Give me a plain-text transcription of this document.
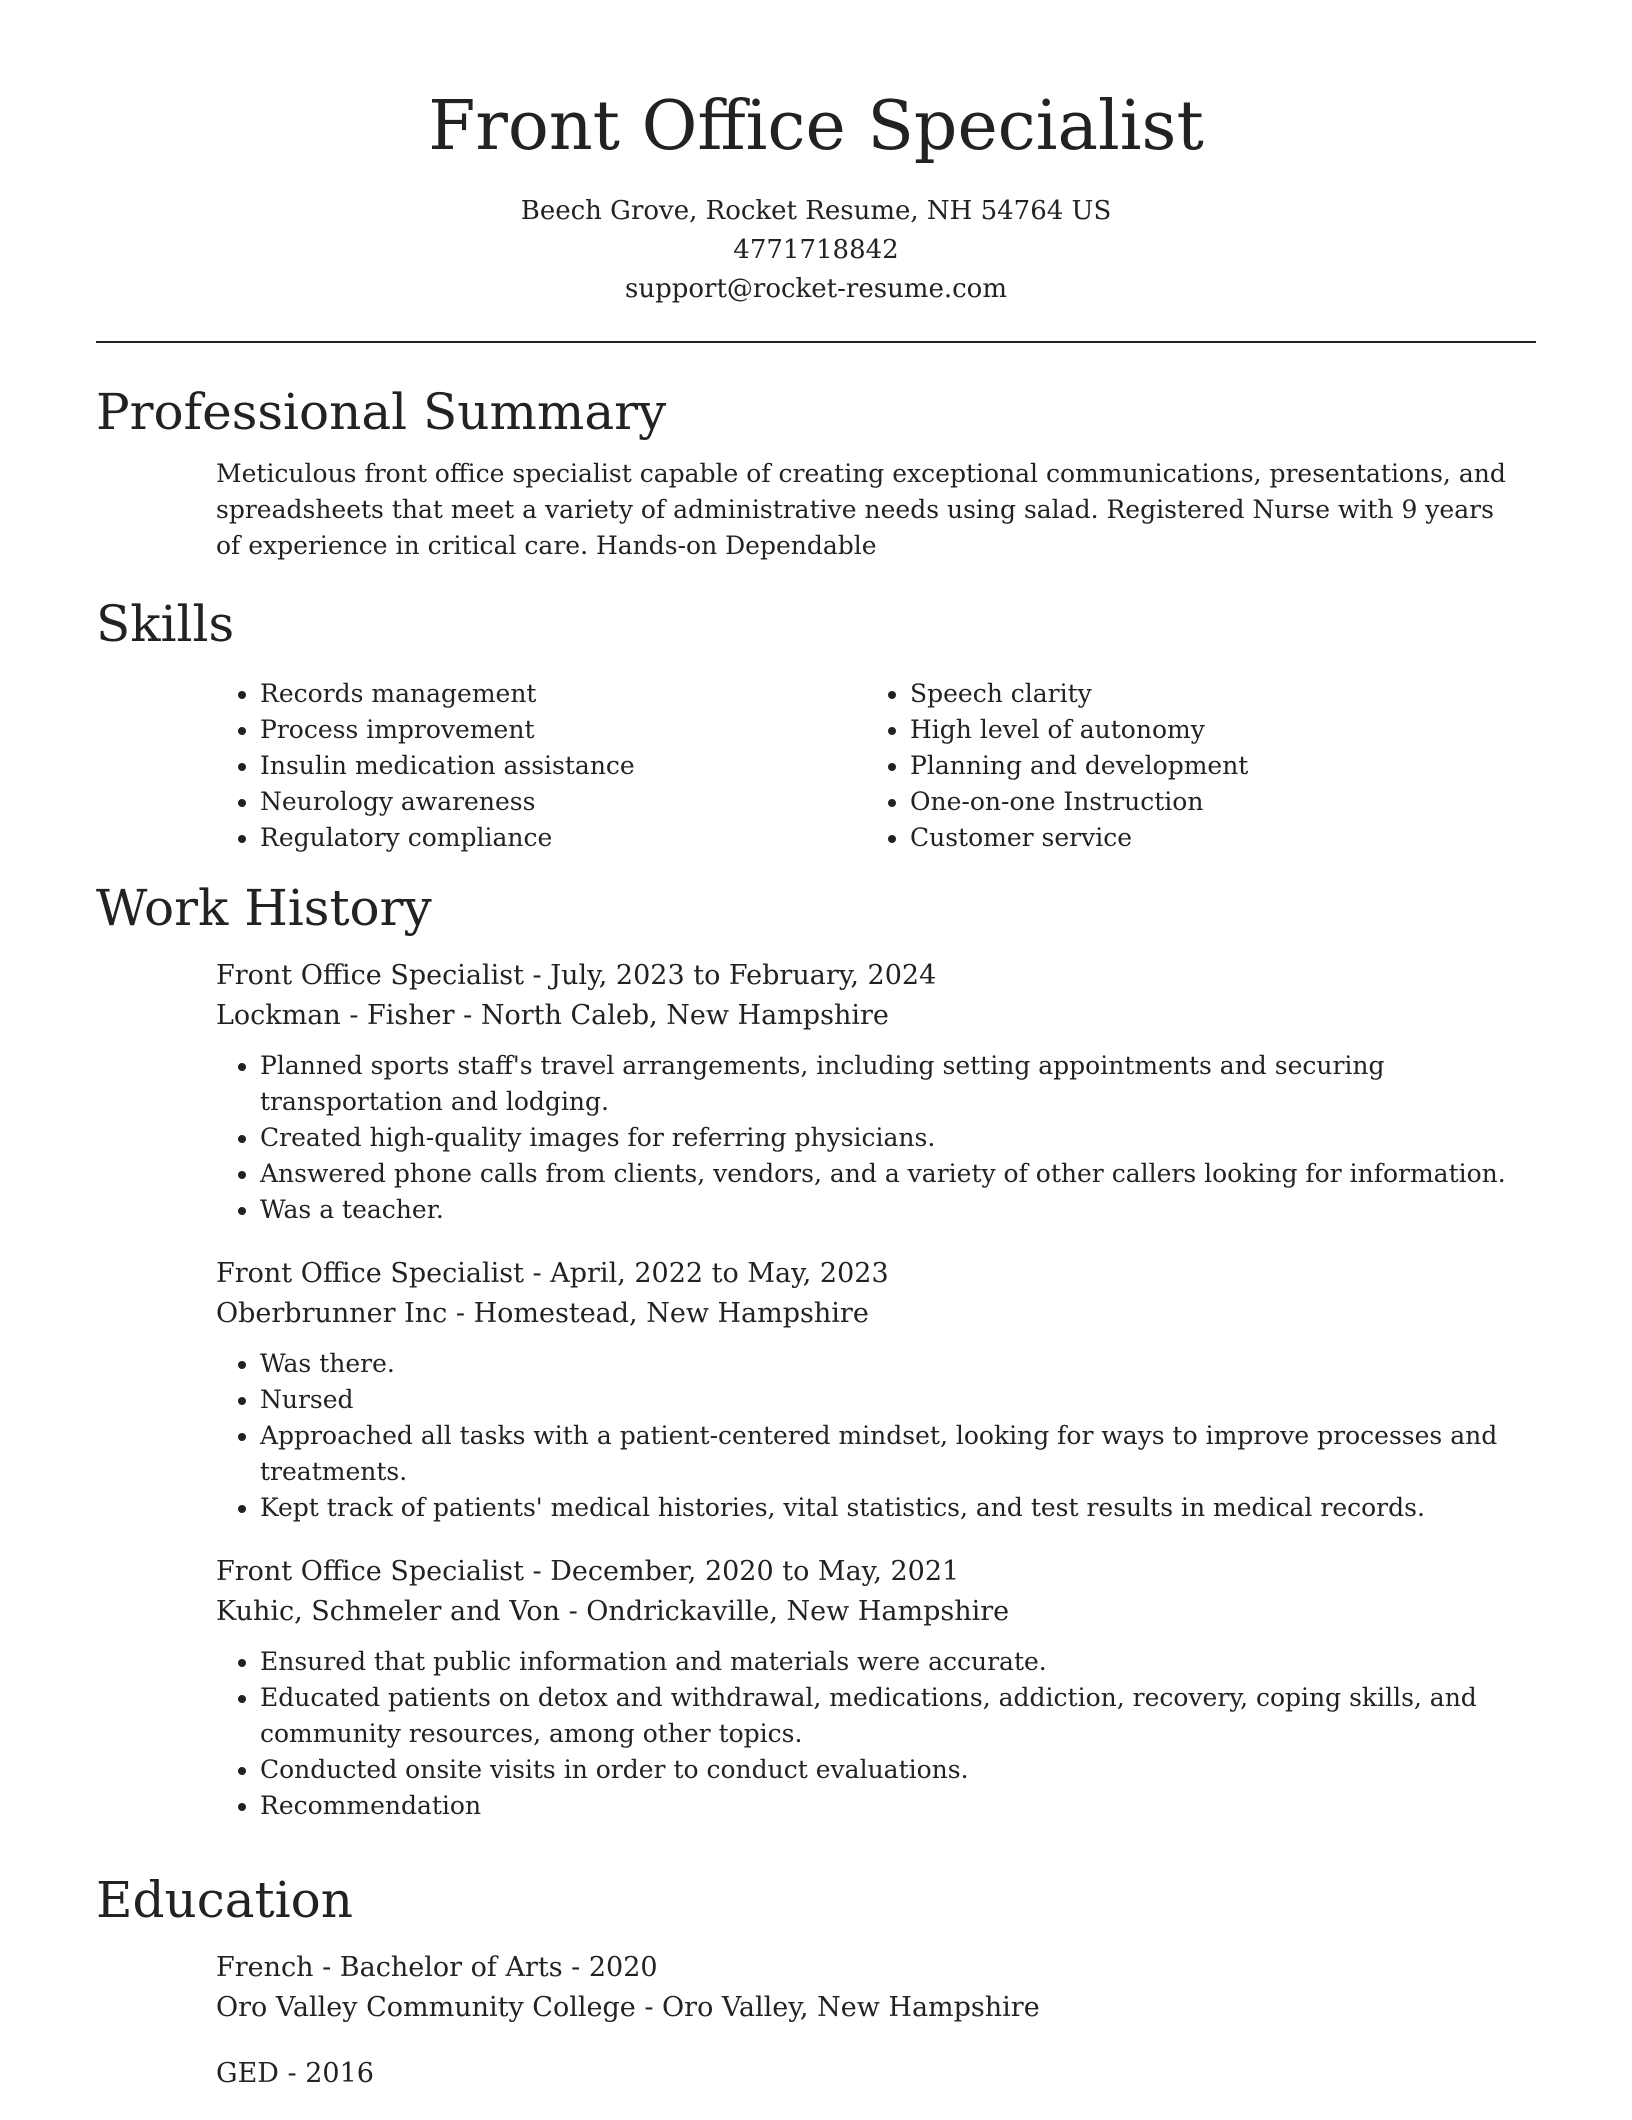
Front Office Specialist
Beech Grove, Rocket Resume, NH 54764 US
4771718842
support@rocket-resume.com
Professional Summary

Meticulous front office specialist capable of creating exceptional communications, presentations, and spreadsheets that meet a variety of administrative needs using salad. Registered Nurse with 9 years of experience in critical care. Hands-on Dependable

Skills
• Records management
• Process improvement
• Insulin medication assistance
• Neurology awareness
• Regulatory compliance
• Speech clarity
• High level of autonomy
• Planning and development
• One-on-one Instruction
• Customer service
Work History

Front Office Specialist - July, 2023 to February, 2024

Lockman - Fisher - North Caleb, New Hampshire

• Planned sports staff's travel arrangements, including setting appointments and securing transportation and lodging.
• Created high-quality images for referring physicians.
• Answered phone calls from clients, vendors, and a variety of other callers looking for information.
• Was a teacher.

Front Office Specialist - April, 2022 to May, 2023

Oberbrunner Inc - Homestead, New Hampshire

• Was there.
• Nursed
• Approached all tasks with a patient-centered mindset, looking for ways to improve processes and treatments.
• Kept track of patients' medical histories, vital statistics, and test results in medical records.

Front Office Specialist - December, 2020 to May, 2021

Kuhic, Schmeler and Von - Ondrickaville, New Hampshire

• Ensured that public information and materials were accurate.
• Educated patients on detox and withdrawal, medications, addiction, recovery, coping skills, and community resources, among other topics.
• Conducted onsite visits in order to conduct evaluations.
• Recommendation
Education

French - Bachelor of Arts - 2020

Oro Valley Community College - Oro Valley, New Hampshire

GED - 2016
